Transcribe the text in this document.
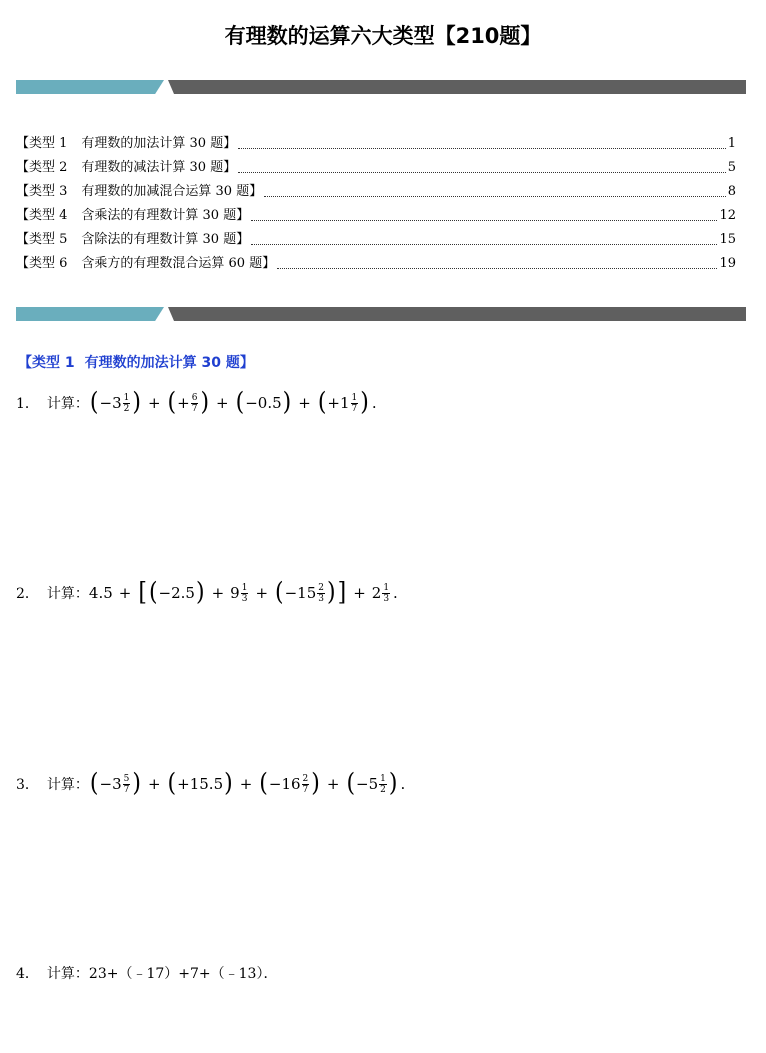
有理数的运算六大类型【210题】
【类型 1 有理数的加法计算 30 题】	1
【类型 2 有理数的减法计算 30 题】	5
【类型 3 有理数的加减混合运算 30 题】	8
【类型 4 含乘法的有理数计算 30 题】	12
【类型 5 含除法的有理数计算 30 题】	15
【类型 6 含乘方的有理数混合运算 60 题】	19
【类型 1 有理数的加法计算 30 题】
1． 计算： ( $-3 \frac{1}{2}$ ) + ( + $\frac{6}{7}$ ) + ( −0.5 ) + ( $+1 \frac{1}{7}$ ) .
2． 计算： 4.5 + [ ( −2.5 ) + $9 \frac{1}{3}$ + ( $-15 \frac{2}{3}$ ) ] + $2 \frac{1}{3}$ .
3． 计算： ( $-3 \frac{5}{7}$ ) + ( +15.5 ) + ( $-16 \frac{2}{7}$ ) + ( $-5 \frac{1}{2}$ ) .
4． 计算： 23+（﹣17）+7+（﹣13）．
